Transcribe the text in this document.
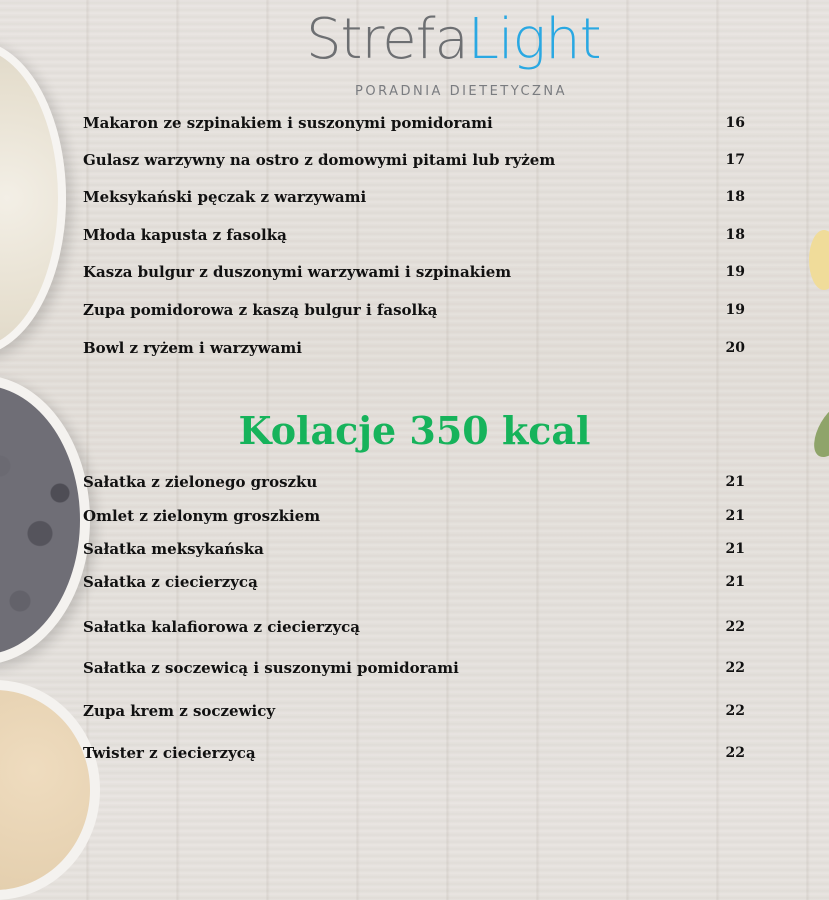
StrefaLight
PORADNIA DIETETYCZNA
Makaron ze szpinakiem i suszonymi pomidorami	16
Gulasz warzywny na ostro z domowymi pitami lub ryżem	17
Meksykański pęczak z warzywami	18
Młoda kapusta z fasolką	18
Kasza bulgur z duszonymi warzywami i szpinakiem	19
Zupa pomidorowa z kaszą bulgur i fasolką	19
Bowl z ryżem i warzywami	20
Kolacje 350 kcal
Sałatka z zielonego groszku	21
Omlet z zielonym groszkiem	21
Sałatka meksykańska	21
Sałatka z ciecierzycą	21
Sałatka kalafiorowa z ciecierzycą	22
Sałatka z soczewicą i suszonymi pomidorami	22
Zupa krem z soczewicy	22
Twister z ciecierzycą	22
